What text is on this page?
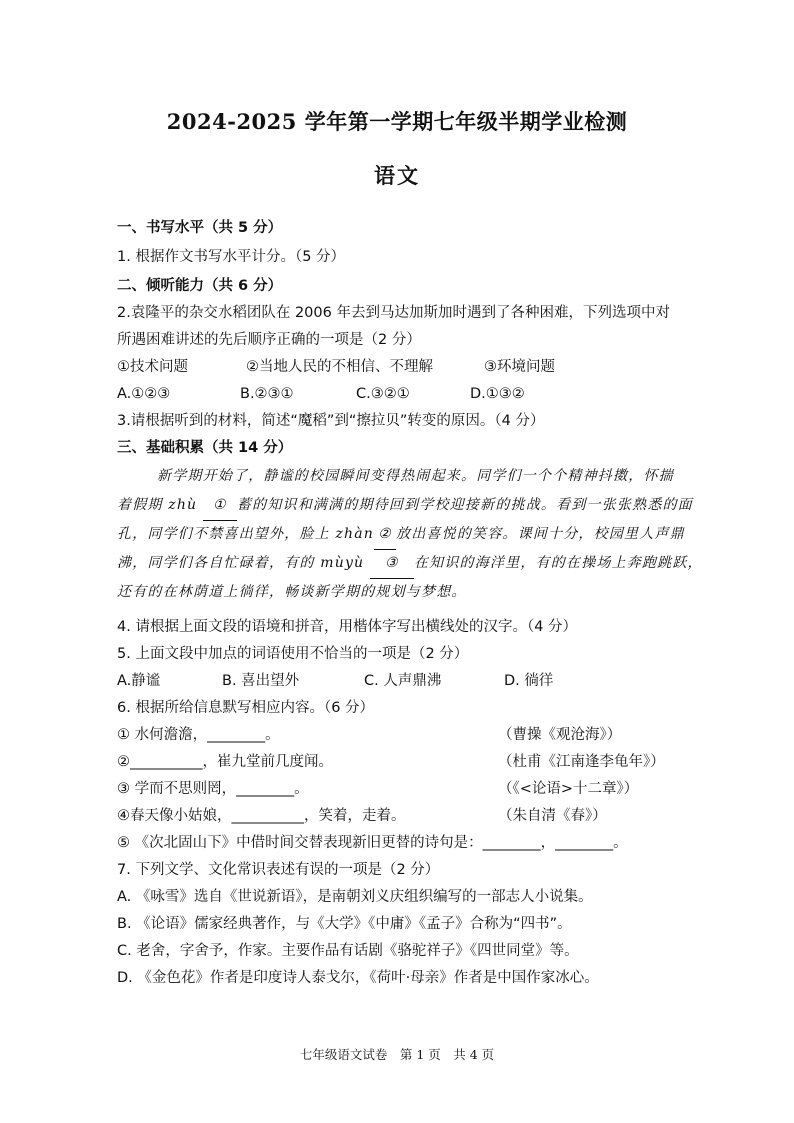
2024-2025 学年第一学期七年级半期学业检测
语文
一、书写水平（共 5 分）
1. 根据作文书写水平计分。（5 分）
二、倾听能力（共 6 分）
2.袁隆平的杂交水稻团队在 2006 年去到马达加斯加时遇到了各种困难，下列选项中对
所遇困难讲述的先后顺序正确的一项是（2 分）
①技术问题	②当地人民的不相信、不理解	③环境问题
A.①②③	B.②③①	C.③②①	D.①③②
3.请根据听到的材料，简述“魔稻”到“擦拉贝”转变的原因。（4 分）
三、基础积累（共 14 分）
新学期开始了，静谧的校园瞬间变得热闹起来。同学们一个个精神抖擞，怀揣
着假期 zhù ① 蓄的知识和满满的期待回到学校迎接新的挑战。看到一张张熟悉的面
孔，同学们不禁喜出望外，脸上 zhàn ② 放出喜悦的笑容。课间十分，校园里人声鼎
沸，同学们各自忙碌着，有的 mùyù ③ 在知识的海洋里，有的在操场上奔跑跳跃，
还有的在林荫道上徜徉，畅谈新学期的规划与梦想。
4. 请根据上面文段的语境和拼音，用楷体字写出横线处的汉字。（4 分）
5. 上面文段中加点的词语使用不恰当的一项是（2 分）
A.静谧	B. 喜出望外	C. 人声鼎沸	D. 徜徉
6. 根据所给信息默写相应内容。（6 分）
① 水何澹澹，________。	（曹操《观沧海》）
②__________，崔九堂前几度闻。	（杜甫《江南逢李龟年》）
③ 学而不思则罔，________。	（《<论语>十二章》）
④春天像小姑娘，__________，笑着，走着。	（朱自清《春》）
⑤ 《次北固山下》中借时间交替表现新旧更替的诗句是：________，________。
7. 下列文学、文化常识表述有误的一项是（2 分）
A. 《咏雪》选自《世说新语》，是南朝刘义庆组织编写的一部志人小说集。
B. 《论语》儒家经典著作，与《大学》《中庸》《孟子》合称为“四书”。
C. 老舍，字舍予，作家。主要作品有话剧《骆驼祥子》《四世同堂》等。
D. 《金色花》作者是印度诗人泰戈尔，《荷叶·母亲》作者是中国作家冰心。
七年级语文试卷　第 1 页　共 4 页
